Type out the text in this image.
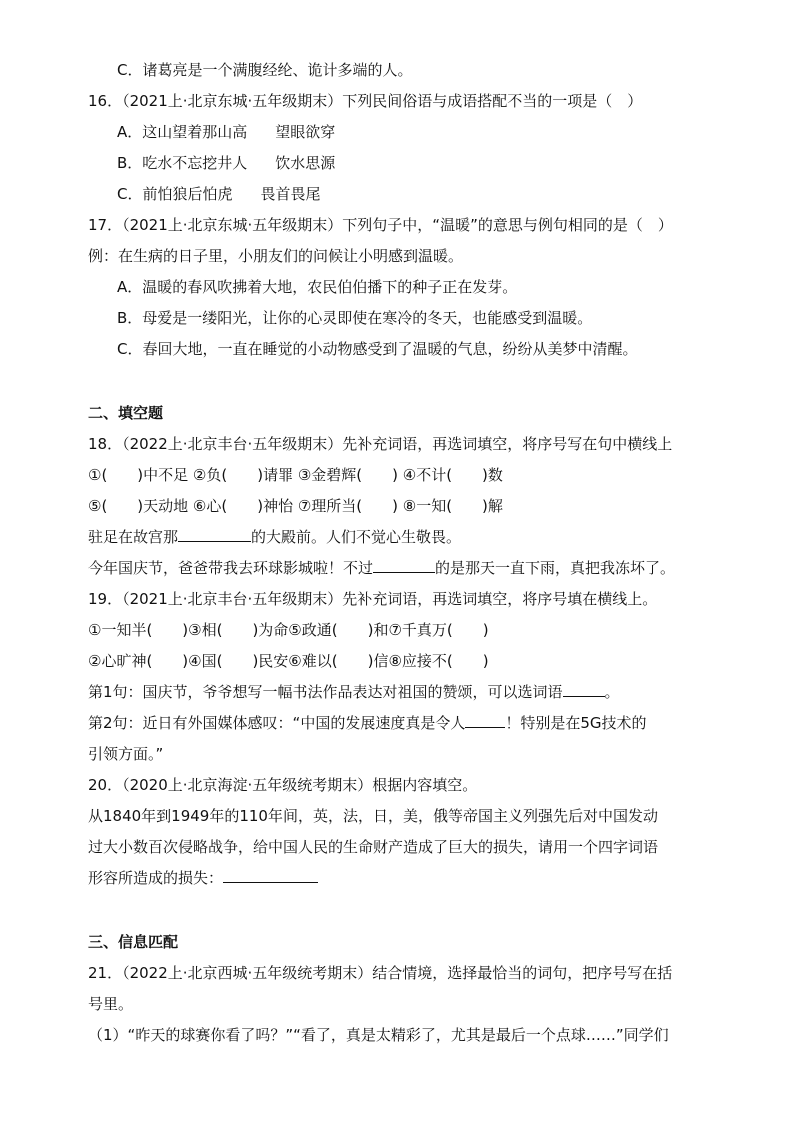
C．诸葛亮是一个满腹经纶、诡计多端的人。
16．（2021上·北京东城·五年级期末）下列民间俗语与成语搭配不当的一项是（　）
A．这山望着那山高 望眼欲穿
B．吃水不忘挖井人 饮水思源
C．前怕狼后怕虎 畏首畏尾
17．（2021上·北京东城·五年级期末）下列句子中，“温暖”的意思与例句相同的是（　）
例：在生病的日子里，小朋友们的问候让小明感到温暖。
A．温暖的春风吹拂着大地，农民伯伯播下的种子正在发芽。
B．母爱是一缕阳光，让你的心灵即使在寒冷的冬天，也能感受到温暖。
C．春回大地，一直在睡觉的小动物感受到了温暖的气息，纷纷从美梦中清醒。
二、填空题
18．（2022上·北京丰台·五年级期末）先补充词语，再选词填空，将序号写在句中横线上
①(　　)中不足 ②负(　　)请罪 ③金碧辉(　　) ④不计(　　)数
⑤(　　)天动地 ⑥心(　　)神怡 ⑦理所当(　　) ⑧一知(　　)解
驻足在故宫那	的大殿前。人们不觉心生敬畏。
今年国庆节，爸爸带我去环球影城啦！不过	的是那天一直下雨，真把我冻坏了。
19．（2021上·北京丰台·五年级期末）先补充词语，再选词填空，将序号填在横线上。
①一知半(　　)③相(　　)为命⑤政通(　　)和⑦千真万(　　)
②心旷神(　　)④国(　　)民安⑥难以(　　)信⑧应接不(　　)
第1句：国庆节，爷爷想写一幅书法作品表达对祖国的赞颂，可以选词语	。
第2句：近日有外国媒体感叹：“中国的发展速度真是令人	！特别是在5G技术的
引领方面。”
20．（2020上·北京海淀·五年级统考期末）根据内容填空。
从1840年到1949年的110年间，英，法，日，美，俄等帝国主义列强先后对中国发动
过大小数百次侵略战争，给中国人民的生命财产造成了巨大的损失，请用一个四字词语
形容所造成的损失：
三、信息匹配
21．（2022上·北京西城·五年级统考期末）结合情境，选择最恰当的词句，把序号写在括
号里。
（1）“昨天的球赛你看了吗？”“看了，真是太精彩了，尤其是最后一个点球……”同学们
